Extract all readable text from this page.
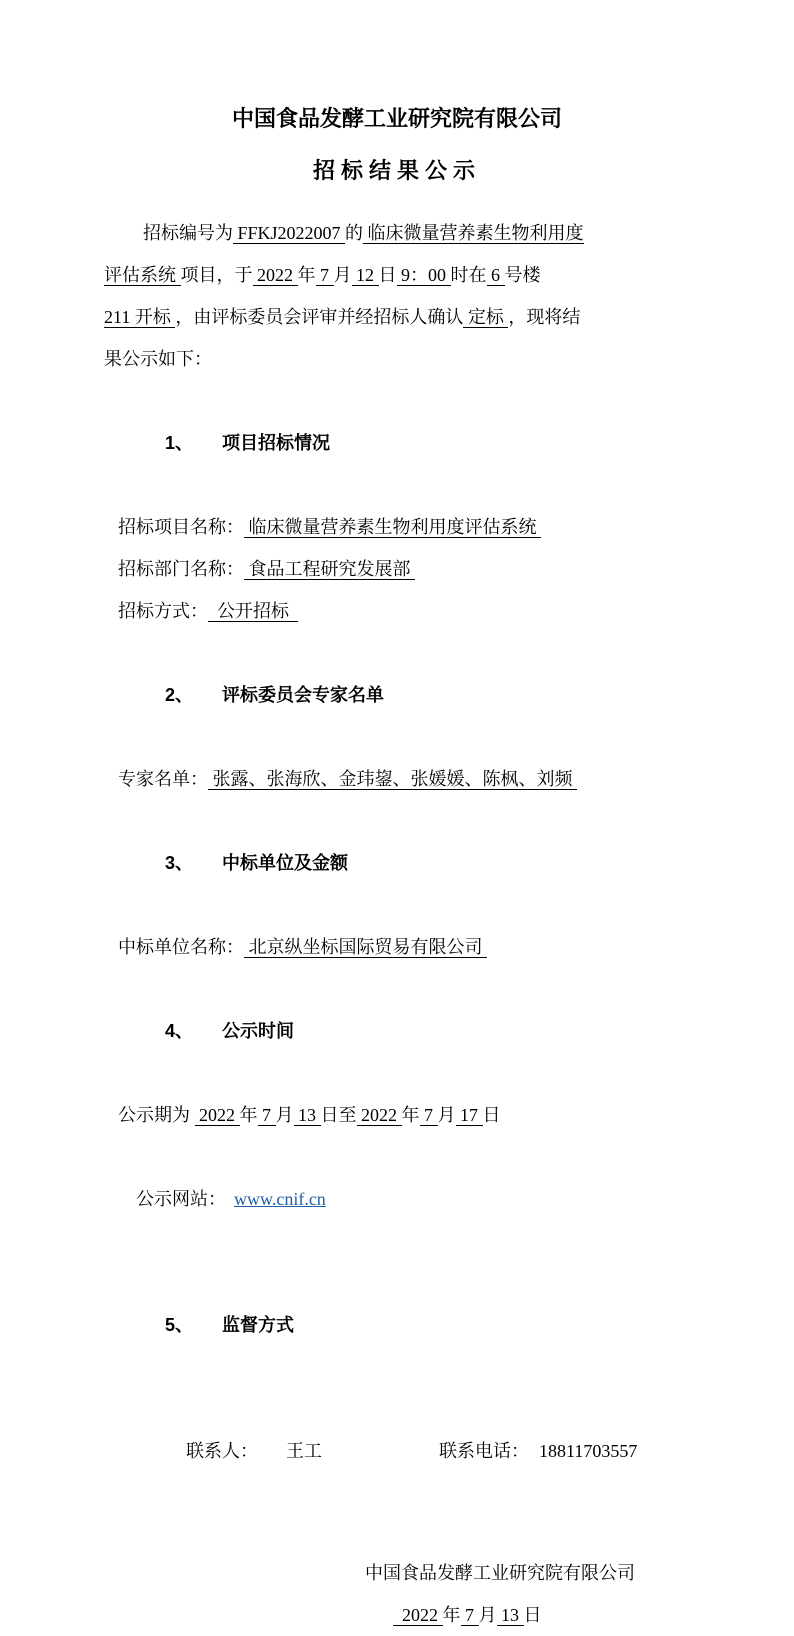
中国食品发酵工业研究院有限公司
招标结果公示
招标编号为 FFKJ2022007 的 临床微量营养素生物利用度
评估系统 项目，于 2022 年 7 月 12 日 9：00 时在 6 号楼
211 开标 ，由评标委员会评审并经招标人确认 定标 ，现将结
果公示如下：

1、 项目招标情况

招标项目名称： 临床微量营养素生物利用度评估系统
招标部门名称： 食品工程研究发展部
招标方式：  公开招标

2、 评标委员会专家名单

专家名单： 张露、张海欣、金玮鋆、张媛媛、陈枫、刘频

3、 中标单位及金额

中标单位名称： 北京纵坐标国际贸易有限公司

4、 公示时间

公示期为  2022 年 7 月 13 日至 2022 年 7 月 17 日

公示网站： www.cnif.cn

5、 监督方式

联系人： 王工	联系电话： 18811703557

中国食品发酵工业研究院有限公司
2022 年 7 月 13 日
